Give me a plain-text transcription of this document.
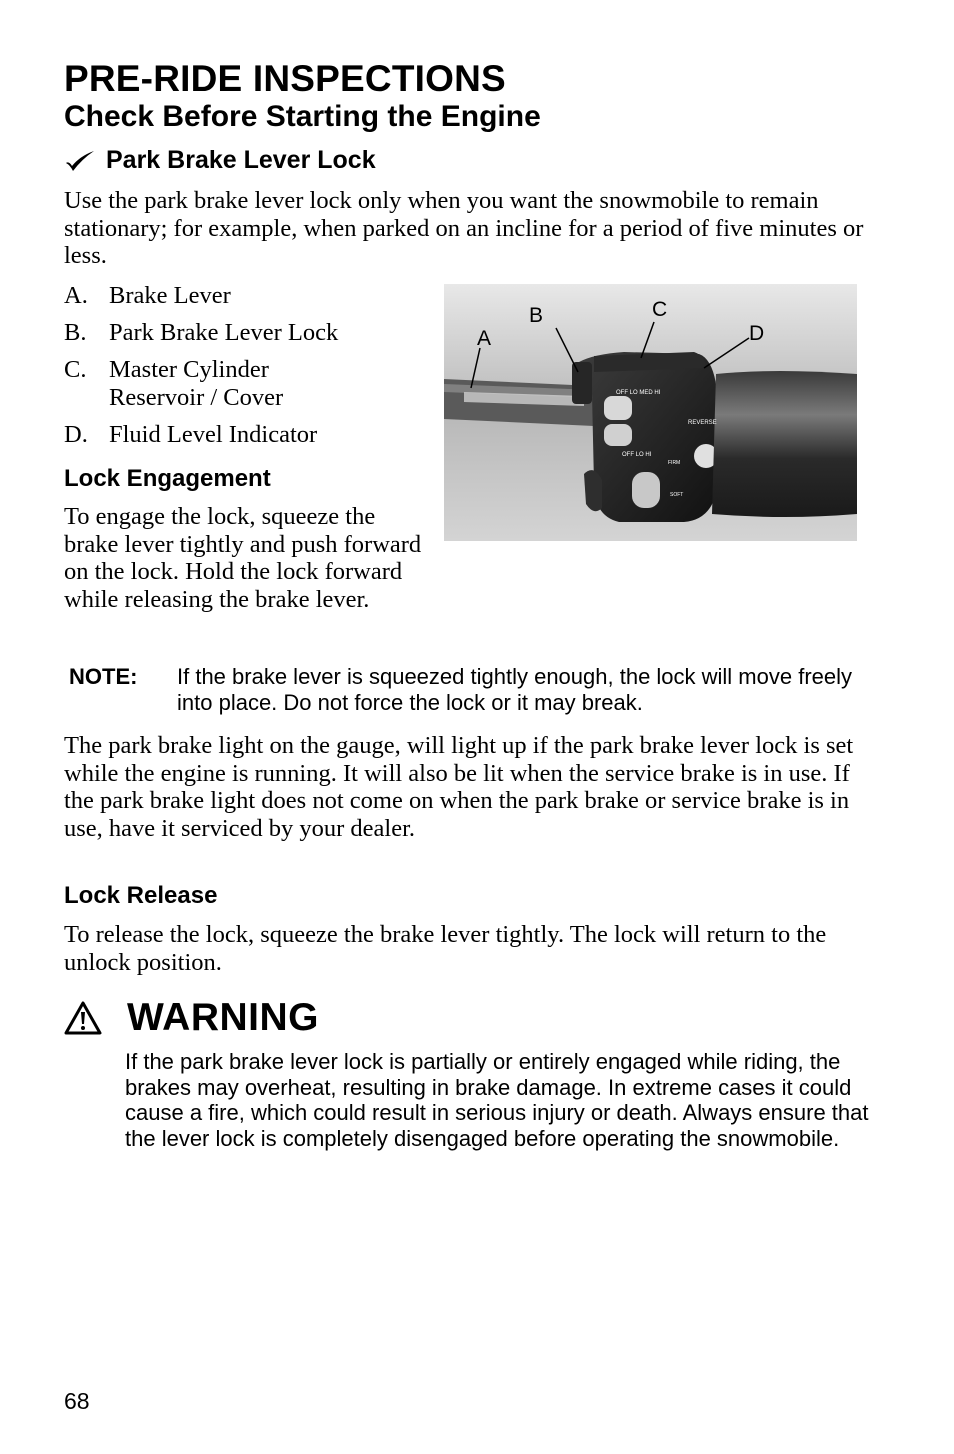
PRE-RIDE INSPECTIONS
Check Before Starting the Engine
Park Brake Lever Lock
Use the park brake lever lock only when you want the snowmobile to remain stationary; for example, when parked on an incline for a period of five minutes or less.
A. Brake Lever
B. Park Brake Lever Lock
C. Master Cylinder Reservoir / Cover
D. Fluid Level Indicator
Lock Engagement
To engage the lock, squeeze the brake lever tightly and push forward on the lock. Hold the lock forward while releasing the brake lever.
OFF LO MED HI
OFF LO HI
REVERSE
FIRM
SOFT
A
B	C
D
NOTE:	If the brake lever is squeezed tightly enough, the lock will move freely into place. Do not force the lock or it may break.
The park brake light on the gauge, will light up if the park brake lever lock is set while the engine is running. It will also be lit when the service brake is in use. If the park brake light does not come on when the park brake or service brake is in use, have it serviced by your dealer.
Lock Release
To release the lock, squeeze the brake lever tightly. The lock will return to the unlock position.
WARNING
If the park brake lever lock is partially or entirely engaged while riding, the brakes may overheat, resulting in brake damage. In extreme cases it could cause a fire, which could result in serious injury or death. Always ensure that the lever lock is completely disengaged before operating the snowmobile.
68
